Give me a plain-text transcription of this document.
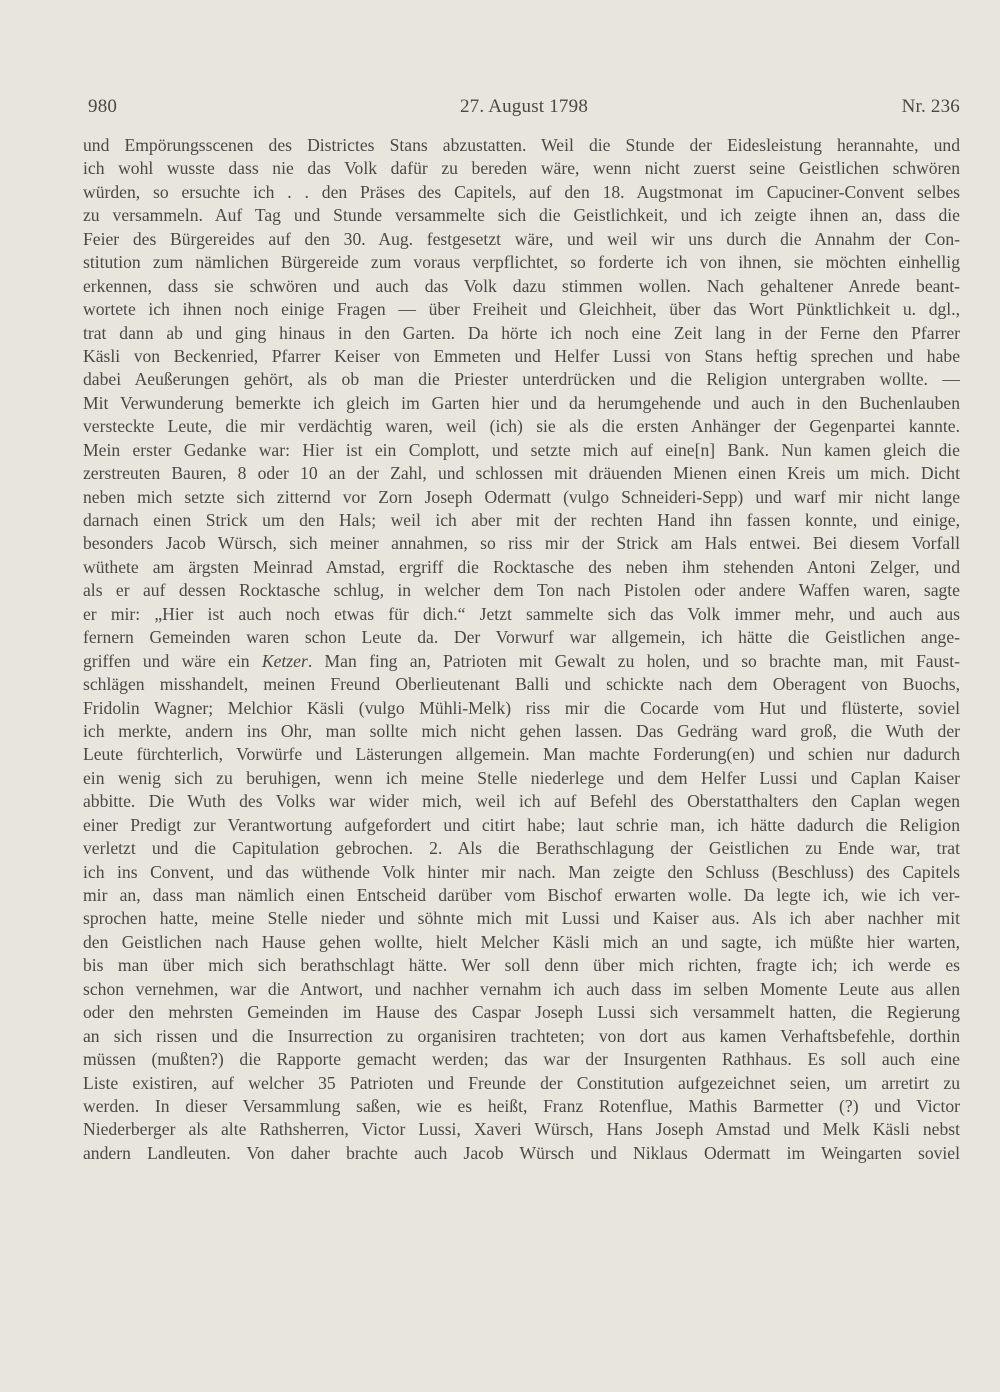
980	27. August 1798	Nr. 236
und Empörungsscenen des Districtes Stans abzustatten. Weil die Stunde der Eidesleistung herannahte, und
ich wohl wusste dass nie das Volk dafür zu bereden wäre, wenn nicht zuerst seine Geistlichen schwören
würden, so ersuchte ich . . den Präses des Capitels, auf den 18. Augstmonat im Capuciner-Convent selbes
zu versammeln. Auf Tag und Stunde versammelte sich die Geistlichkeit, und ich zeigte ihnen an, dass die
Feier des Bürgereides auf den 30. Aug. festgesetzt wäre, und weil wir uns durch die Annahm der Con-
stitution zum nämlichen Bürgereide zum voraus verpflichtet, so forderte ich von ihnen, sie möchten einhellig
erkennen, dass sie schwören und auch das Volk dazu stimmen wollen. Nach gehaltener Anrede beant-
wortete ich ihnen noch einige Fragen — über Freiheit und Gleichheit, über das Wort Pünktlichkeit u. dgl.,
trat dann ab und ging hinaus in den Garten. Da hörte ich noch eine Zeit lang in der Ferne den Pfarrer
Käsli von Beckenried, Pfarrer Keiser von Emmeten und Helfer Lussi von Stans heftig sprechen und habe
dabei Aeußerungen gehört, als ob man die Priester unterdrücken und die Religion untergraben wollte. —
Mit Verwunderung bemerkte ich gleich im Garten hier und da herumgehende und auch in den Buchenlauben
versteckte Leute, die mir verdächtig waren, weil (ich) sie als die ersten Anhänger der Gegenpartei kannte.
Mein erster Gedanke war: Hier ist ein Complott, und setzte mich auf eine[n] Bank. Nun kamen gleich die
zerstreuten Bauren, 8 oder 10 an der Zahl, und schlossen mit dräuenden Mienen einen Kreis um mich. Dicht
neben mich setzte sich zitternd vor Zorn Joseph Odermatt (vulgo Schneideri-Sepp) und warf mir nicht lange
darnach einen Strick um den Hals; weil ich aber mit der rechten Hand ihn fassen konnte, und einige,
besonders Jacob Würsch, sich meiner annahmen, so riss mir der Strick am Hals entwei. Bei diesem Vorfall
wüthete am ärgsten Meinrad Amstad, ergriff die Rocktasche des neben ihm stehenden Antoni Zelger, und
als er auf dessen Rocktasche schlug, in welcher dem Ton nach Pistolen oder andere Waffen waren, sagte
er mir: „Hier ist auch noch etwas für dich.“ Jetzt sammelte sich das Volk immer mehr, und auch aus
fernern Gemeinden waren schon Leute da. Der Vorwurf war allgemein, ich hätte die Geistlichen ange-
griffen und wäre ein Ketzer. Man fing an, Patrioten mit Gewalt zu holen, und so brachte man, mit Faust-
schlägen misshandelt, meinen Freund Oberlieutenant Balli und schickte nach dem Oberagent von Buochs,
Fridolin Wagner; Melchior Käsli (vulgo Mühli-Melk) riss mir die Cocarde vom Hut und flüsterte, soviel
ich merkte, andern ins Ohr, man sollte mich nicht gehen lassen. Das Gedräng ward groß, die Wuth der
Leute fürchterlich, Vorwürfe und Lästerungen allgemein. Man machte Forderung(en) und schien nur dadurch
ein wenig sich zu beruhigen, wenn ich meine Stelle niederlege und dem Helfer Lussi und Caplan Kaiser
abbitte. Die Wuth des Volks war wider mich, weil ich auf Befehl des Oberstatthalters den Caplan wegen
einer Predigt zur Verantwortung aufgefordert und citirt habe; laut schrie man, ich hätte dadurch die Religion
verletzt und die Capitulation gebrochen. 2. Als die Berathschlagung der Geistlichen zu Ende war, trat
ich ins Convent, und das wüthende Volk hinter mir nach. Man zeigte den Schluss (Beschluss) des Capitels
mir an, dass man nämlich einen Entscheid darüber vom Bischof erwarten wolle. Da legte ich, wie ich ver-
sprochen hatte, meine Stelle nieder und söhnte mich mit Lussi und Kaiser aus. Als ich aber nachher mit
den Geistlichen nach Hause gehen wollte, hielt Melcher Käsli mich an und sagte, ich müßte hier warten,
bis man über mich sich berathschlagt hätte. Wer soll denn über mich richten, fragte ich; ich werde es
schon vernehmen, war die Antwort, und nachher vernahm ich auch dass im selben Momente Leute aus allen
oder den mehrsten Gemeinden im Hause des Caspar Joseph Lussi sich versammelt hatten, die Regierung
an sich rissen und die Insurrection zu organisiren trachteten; von dort aus kamen Verhaftsbefehle, dorthin
müssen (mußten?) die Rapporte gemacht werden; das war der Insurgenten Rathhaus. Es soll auch eine
Liste existiren, auf welcher 35 Patrioten und Freunde der Constitution aufgezeichnet seien, um arretirt zu
werden. In dieser Versammlung saßen, wie es heißt, Franz Rotenflue, Mathis Barmetter (?) und Victor
Niederberger als alte Rathsherren, Victor Lussi, Xaveri Würsch, Hans Joseph Amstad und Melk Käsli nebst
andern Landleuten. Von daher brachte auch Jacob Würsch und Niklaus Odermatt im Weingarten soviel
